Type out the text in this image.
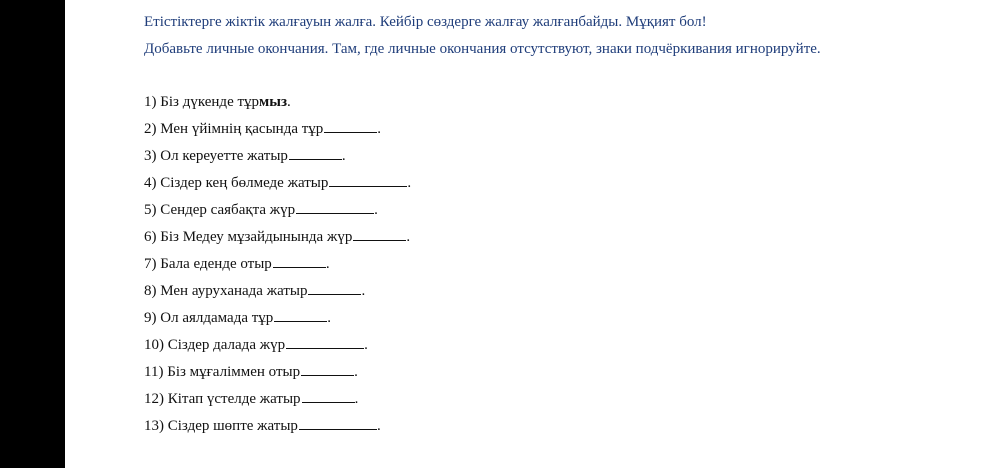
Етістіктерге жіктік жалғауын жалға. Кейбір сөздерге жалғау жалғанбайды. Мұқият бол!
Добавьте личные окончания. Там, где личные окончания отсутствуют, знаки подчёркивания игнорируйте.
1) Біз дүкенде тұрмыз.
2) Мен үйімнің қасында тұр	.
3) Ол кереуетте жатыр	.
4) Сіздер кең бөлмеде жатыр	.
5) Сендер саябақта жүр	.
6) Біз Медеу мұзайдынында жүр	.
7) Бала еденде отыр	.
8) Мен ауруханада жатыр	.
9) Ол аялдамада тұр	.
10) Сіздер далада жүр	.
11) Біз мұғаліммен отыр	.
12) Кітап үстелде жатыр	.
13) Сіздер шөпте жатыр	.
